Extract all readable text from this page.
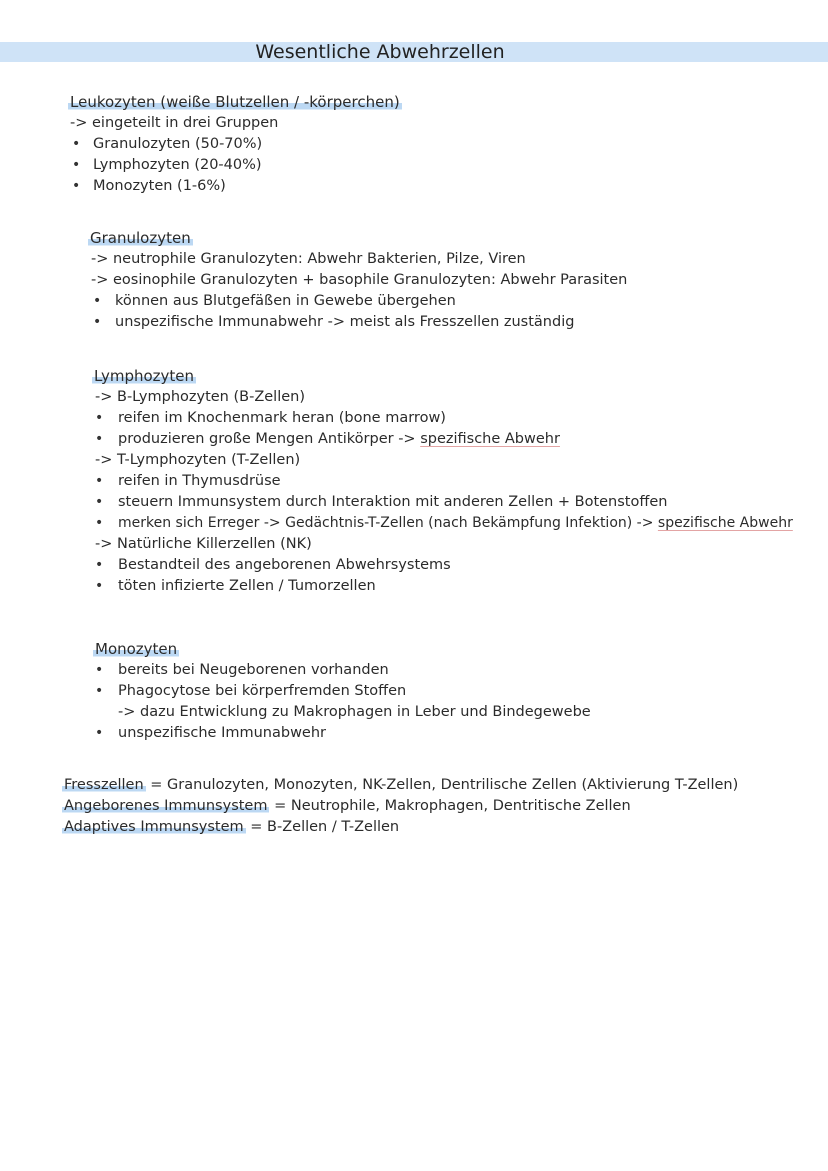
Wesentliche Abwehrzellen
Leukozyten (weiße Blutzellen / -körperchen)
-> eingeteilt in drei Gruppen
• Granulozyten (50-70%)
• Lymphozyten (20-40%)
• Monozyten (1-6%)
Granulozyten
-> neutrophile Granulozyten: Abwehr Bakterien, Pilze, Viren
-> eosinophile Granulozyten + basophile Granulozyten: Abwehr Parasiten
• können aus Blutgefäßen in Gewebe übergehen
• unspezifische Immunabwehr -> meist als Fresszellen zuständig
Lymphozyten
-> B-Lymphozyten (B-Zellen)
• reifen im Knochenmark heran (bone marrow)
• produzieren große Mengen Antikörper -> spezifische Abwehr
-> T-Lymphozyten (T-Zellen)
• reifen in Thymusdrüse
• steuern Immunsystem durch Interaktion mit anderen Zellen + Botenstoffen
• merken sich Erreger -> Gedächtnis-T-Zellen (nach Bekämpfung Infektion) -> spezifische Abwehr
-> Natürliche Killerzellen (NK)
• Bestandteil des angeborenen Abwehrsystems
• töten infizierte Zellen / Tumorzellen
Monozyten
• bereits bei Neugeborenen vorhanden
• Phagocytose bei körperfremden Stoffen
-> dazu Entwicklung zu Makrophagen in Leber und Bindegewebe
• unspezifische Immunabwehr
Fresszellen = Granulozyten, Monozyten, NK-Zellen, Dentrilische Zellen (Aktivierung T-Zellen)
Angeborenes Immunsystem = Neutrophile, Makrophagen, Dentritische Zellen
Adaptives Immunsystem = B-Zellen / T-Zellen
